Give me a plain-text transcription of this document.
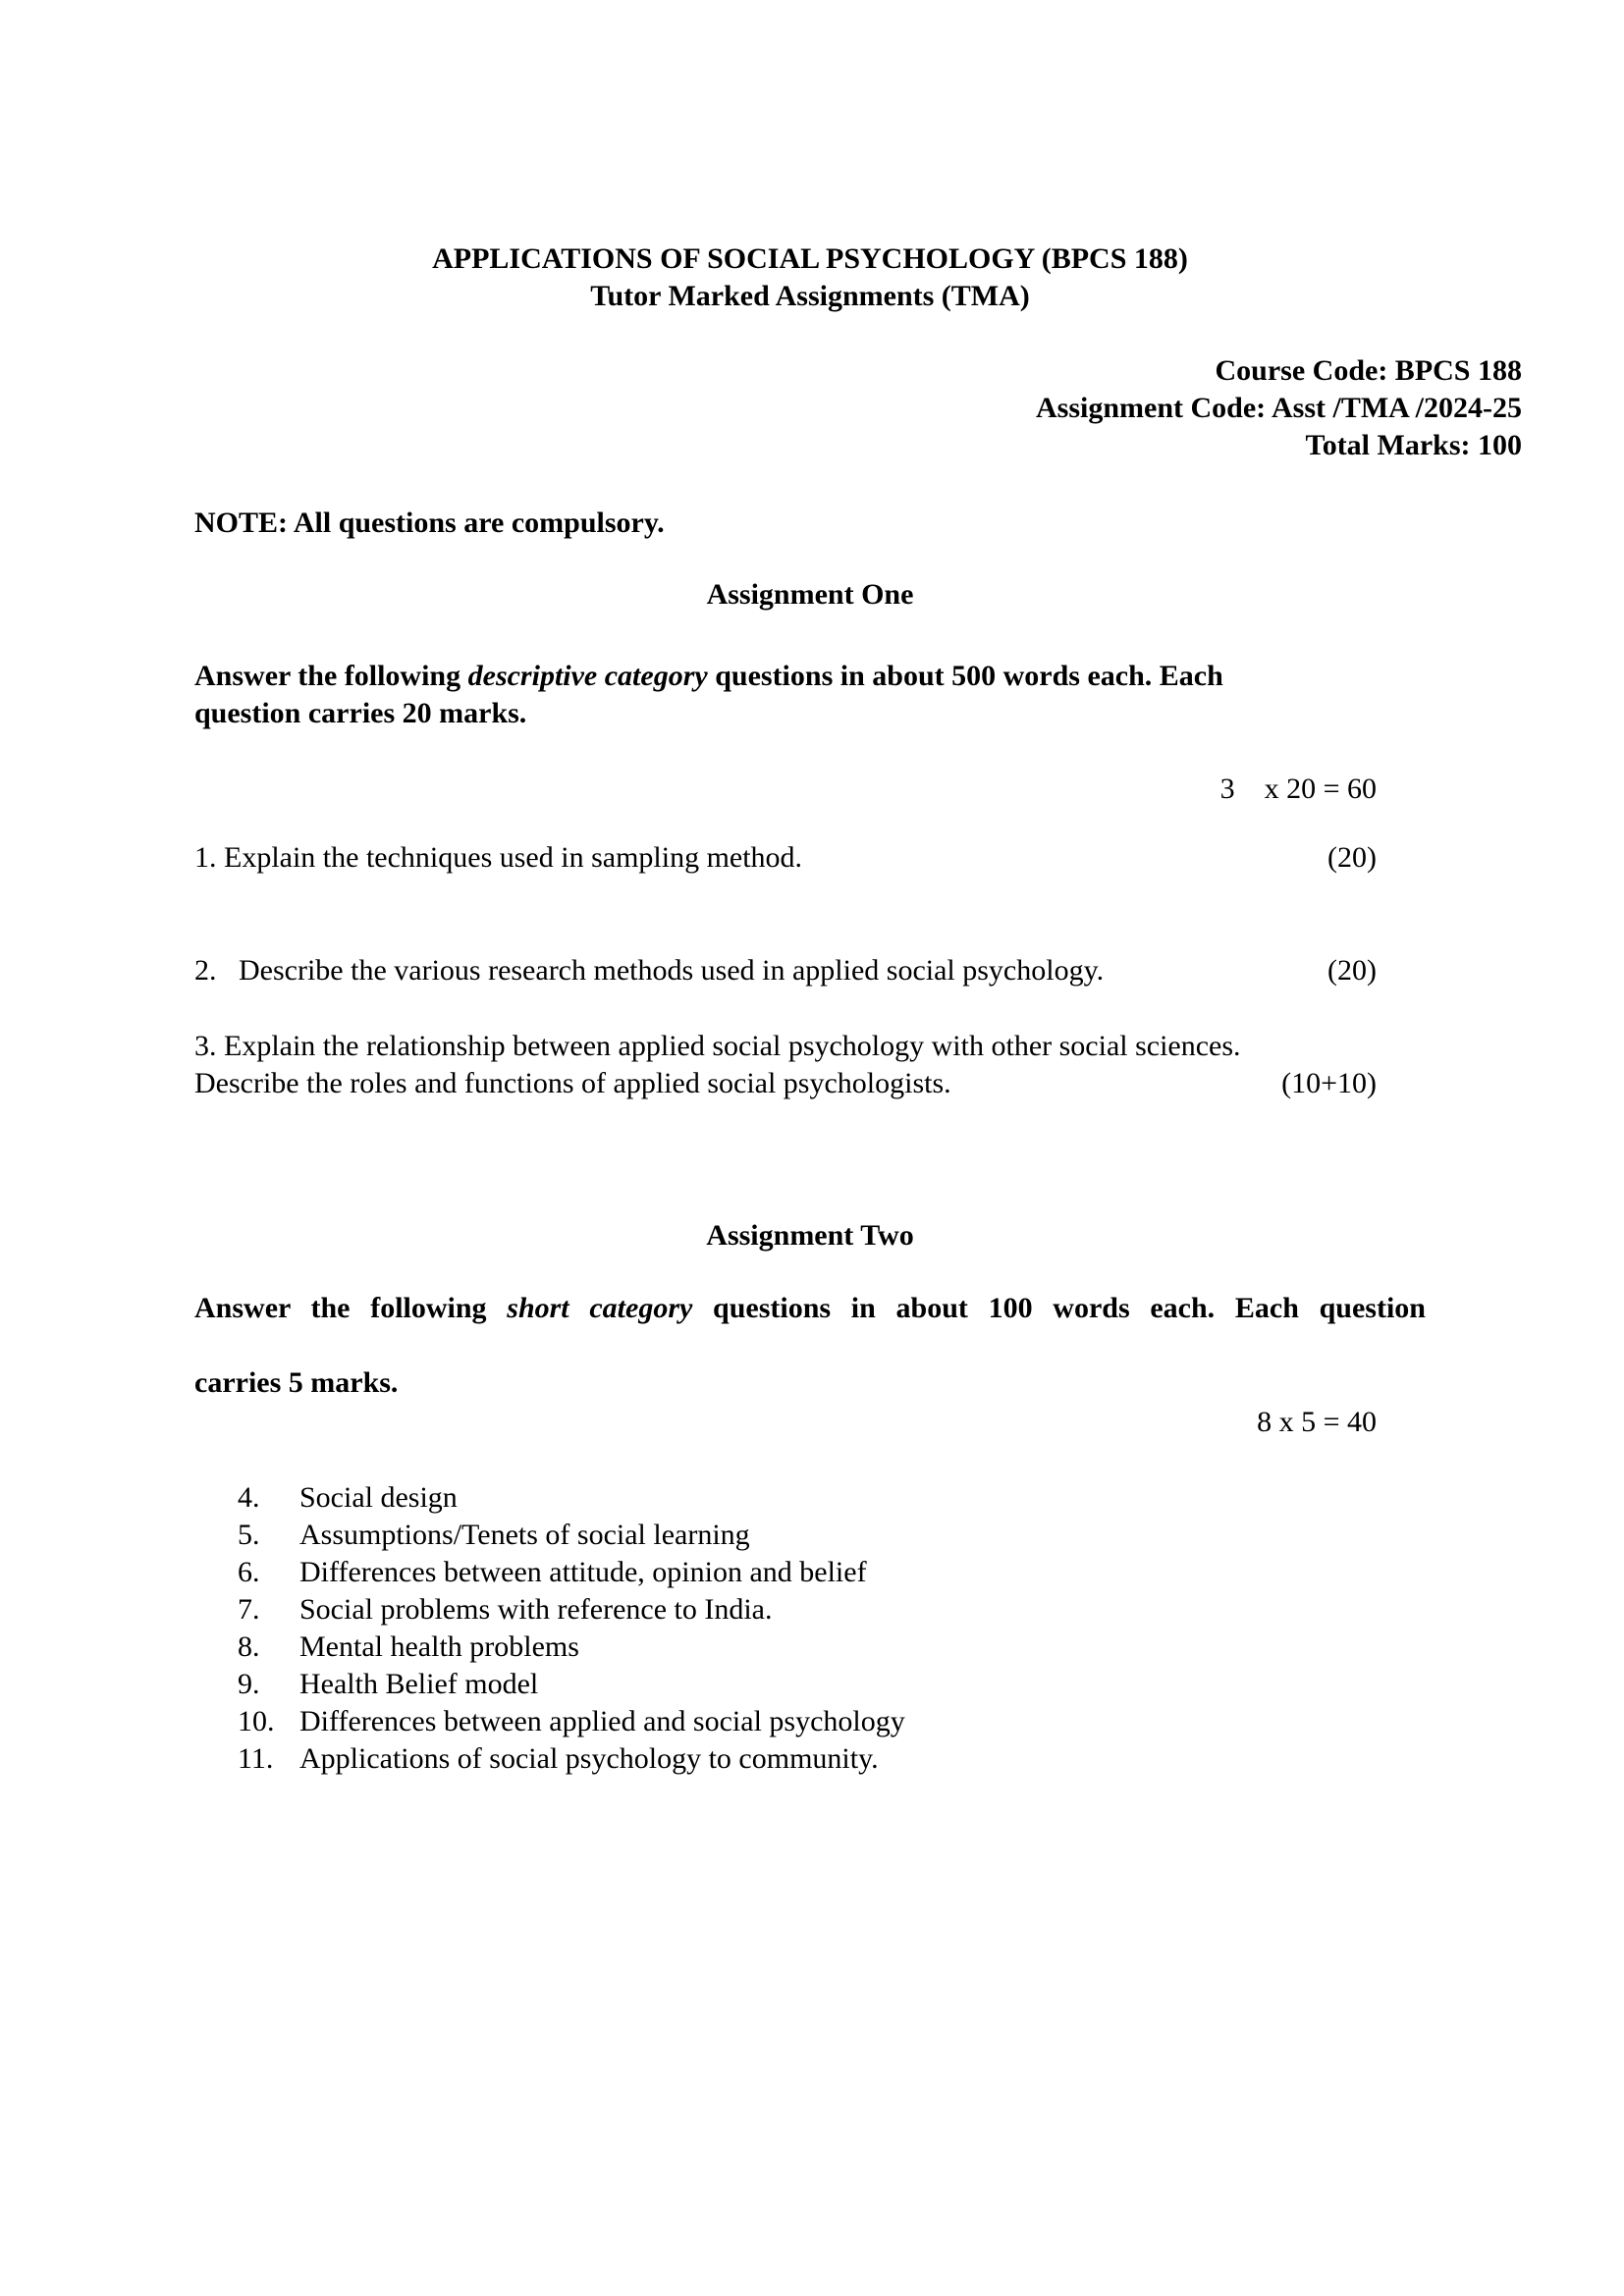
APPLICATIONS OF SOCIAL PSYCHOLOGY (BPCS 188)
Tutor Marked Assignments (TMA)
Course Code: BPCS 188
Assignment Code: Asst /TMA /2024-25
Total Marks: 100
NOTE: All questions are compulsory.
Assignment One
Answer the following descriptive category questions in about 500 words each. Each
question carries 20 marks.
3    x 20 = 60
1. Explain the techniques used in sampling method.	(20)
2.   Describe the various research methods used in applied social psychology.	(20)
3. Explain the relationship between applied social psychology with other social sciences.
Describe the roles and functions of applied social psychologists.	(10+10)
Assignment Two
Answer the following short category questions in about 100 words each. Each question
carries 5 marks.
8 x 5 = 40
4.	Social design
5.	Assumptions/Tenets of social learning
6.	Differences between attitude, opinion and belief
7.	Social problems with reference to India.
8.	Mental health problems
9.	Health Belief model
10. Differences between applied and social psychology
11. Applications of social psychology to community.
